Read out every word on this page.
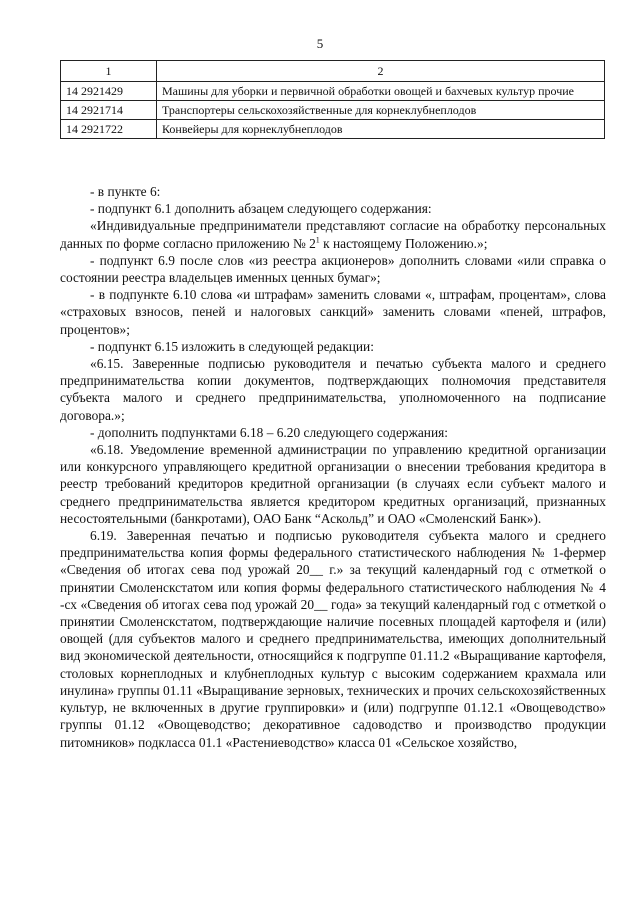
5
1	2
14 2921429	Машины для уборки и первичной обработки овощей и бахчевых культур прочие
14 2921714	Транспортеры сельскохозяйственные для корнеклубнеплодов
14 2921722	Конвейеры для корнеклубнеплодов

- в пункте 6:

- подпункт 6.1 дополнить абзацем следующего содержания:

«Индивидуальные предприниматели представляют согласие на обработку персональных данных по форме согласно приложению № $2^1$ к настоящему Положению.»;

- подпункт 6.9 после слов «из реестра акционеров» дополнить словами «или справка о состоянии реестра владельцев именных ценных бумаг»;

- в подпункте 6.10 слова «и штрафам» заменить словами «, штрафам, процентам», слова «страховых взносов, пеней и налоговых санкций» заменить словами «пеней, штрафов, процентов»;

- подпункт 6.15 изложить в следующей редакции:

«6.15. Заверенные подписью руководителя и печатью субъекта малого и среднего предпринимательства копии документов, подтверждающих полномочия представителя субъекта малого и среднего предпринимательства, уполномоченного на подписание договора.»;

- дополнить подпунктами 6.18 – 6.20 следующего содержания:

«6.18. Уведомление временной администрации по управлению кредитной организации или конкурсного управляющего кредитной организации о внесении требования кредитора в реестр требований кредиторов кредитной организации (в случаях если субъект малого и среднего предпринимательства является кредитором кредитных организаций, признанных несостоятельными (банкротами), ОАО Банк “Аскольд” и ОАО «Смоленский Банк»).

6.19. Заверенная печатью и подписью руководителя субъекта малого и среднего предпринимательства копия формы федерального статистического наблюдения № 1-фермер «Сведения об итогах сева под урожай 20__ г.» за текущий календарный год с отметкой о принятии Смоленскстатом или копия формы федерального статистического наблюдения № 4 -сх «Сведения об итогах сева под урожай 20__ года» за текущий календарный год с отметкой о принятии Смоленскстатом, подтверждающие наличие посевных площадей картофеля и (или) овощей (для субъектов малого и среднего предпринимательства, имеющих дополнительный вид экономической деятельности, относящийся к подгруппе 01.11.2 «Выращивание картофеля, столовых корнеплодных и клубнеплодных культур с высоким содержанием крахмала или инулина» группы 01.11 «Выращивание зерновых, технических и прочих сельскохозяйственных культур, не включенных в другие группировки» и (или) подгруппе 01.12.1 «Овощеводство» группы 01.12 «Овощеводство; декоративное садоводство и производство продукции питомников» подкласса 01.1 «Растениеводство» класса 01 «Сельское хозяйство,
